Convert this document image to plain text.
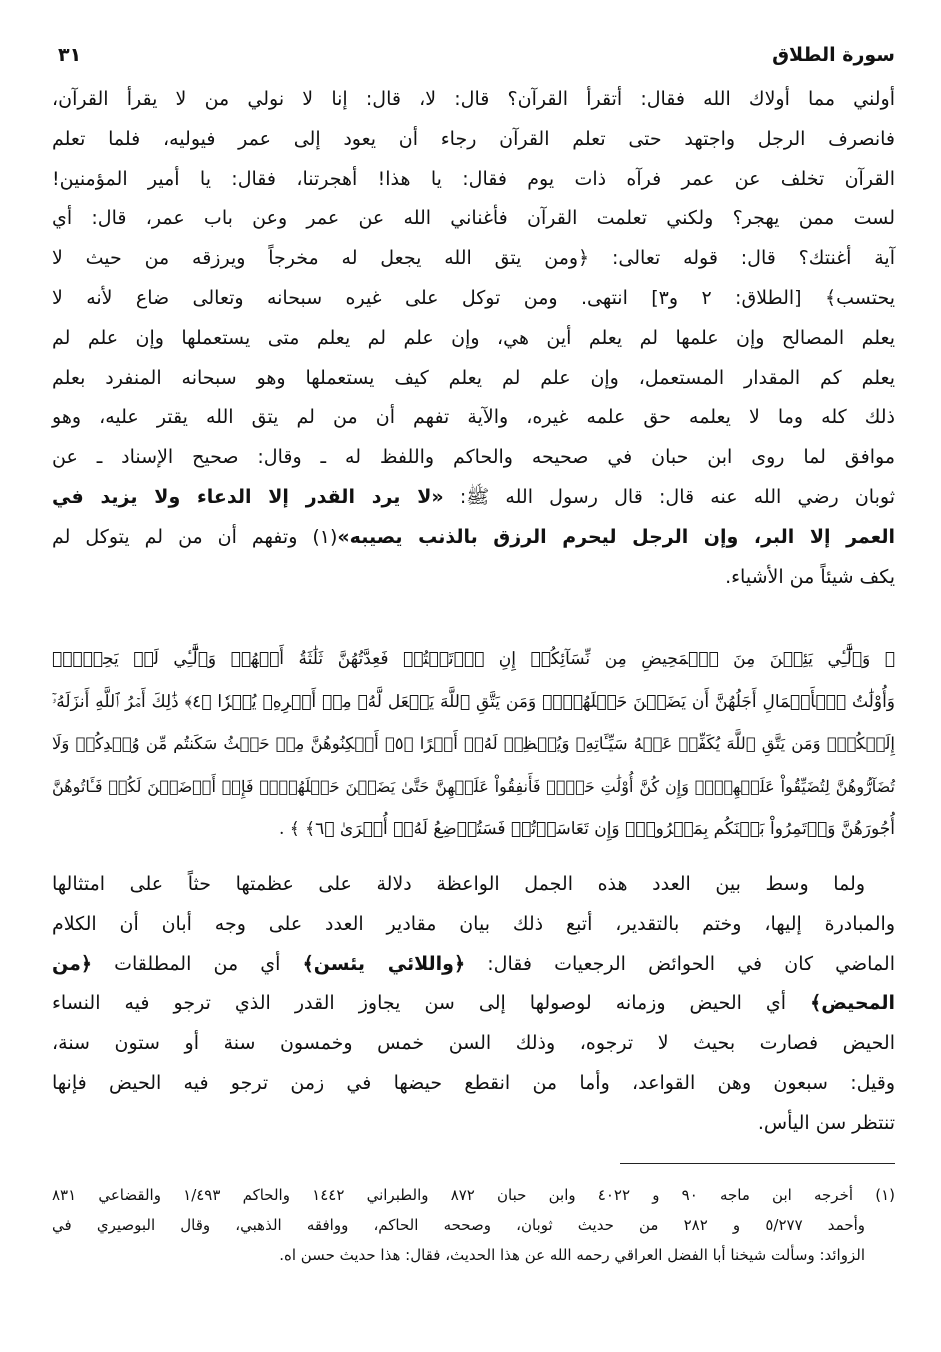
سورة الطلاق
٣١
أولني مما أولاك الله فقال: أتقرأ القرآن؟ قال: لا، قال: إنا لا نولي من لا يقرأ القرآن،
فانصرف الرجل واجتهد حتى تعلم القرآن رجاء أن يعود إلى عمر فيوليه، فلما تعلم
القرآن تخلف عن عمر فرآه ذات يوم فقال: يا هذا! أهجرتنا، فقال: يا أمير المؤمنين!
لست ممن يهجر؟ ولكني تعلمت القرآن فأغناني الله عن عمر وعن باب عمر، قال: أي
آية أغنتك؟ قال: قوله تعالى: ﴿ومن يتق الله يجعل له مخرجاً ويرزقه من حيث لا
يحتسب﴾ [الطلاق: ٢ و٣] انتهى. ومن توكل على غيره سبحانه وتعالى ضاع لأنه لا
يعلم المصالح وإن علمها لم يعلم أين هي، وإن علم لم يعلم متى يستعملها وإن علم لم
يعلم كم المقدار المستعمل، وإن علم لم يعلم كيف يستعملها وهو سبحانه المنفرد بعلم
ذلك كله وما لا يعلمه حق علمه غيره، والآية تفهم أن من لم يتق الله يقتر عليه، وهو
موافق لما روى ابن حبان في صحيحه والحاكم واللفظ له ـ وقال: صحيح الإسناد ـ عن
ثوبان رضي الله عنه قال: قال رسول الله ﷺ: «لا يرد القدر إلا الدعاء ولا يزيد في
العمر إلا البر، وإن الرجل ليحرم الرزق بالذنب يصيبه»(١) وتفهم أن من لم يتوكل لم
يكف شيئاً من الأشياء.
﴿ وَٱلَّٰٓـِٔي يَئِسۡنَ مِنَ ٱلۡمَحِيضِ مِن نِّسَآئِكُمۡ إِنِ ٱرۡتَبۡتُمۡ فَعِدَّتُهُنَّ ثَلَٰثَةُ أَشۡهُرٖ وَٱلَّٰٓـِٔي لَمۡ يَحِضۡنَۚ
وَأُوْلَٰتُ ٱلۡأَحۡمَالِ أَجَلُهُنَّ أَن يَضَعۡنَ حَمۡلَهُنَّۚ وَمَن يَتَّقِ ٱللَّهَ يَجۡعَل لَّهُۥ مِنۡ أَمۡرِهِۦ يُسۡرٗا ﴿٤﴾ ذَٰلِكَ أَمۡرُ ٱللَّهِ أَنزَلَهُۥٓ
إِلَيۡكُمۡۚ وَمَن يَتَّقِ ٱللَّهَ يُكَفِّرۡ عَنۡهُ سَيِّـَٔاتِهِۦ وَيُعۡظِمۡ لَهُۥٓ أَجۡرًا ﴿٥﴾ أَسۡكِنُوهُنَّ مِنۡ حَيۡثُ سَكَنتُم مِّن وُجۡدِكُمۡ وَلَا
تُضَآرُّوهُنَّ لِتُضَيِّقُواْ عَلَيۡهِنَّۚ وَإِن كُنَّ أُوْلَٰتِ حَمۡلٖ فَأَنفِقُواْ عَلَيۡهِنَّ حَتَّىٰ يَضَعۡنَ حَمۡلَهُنَّۚ فَإِنۡ أَرۡضَعۡنَ لَكُمۡ فَـَٔاتُوهُنَّ
أُجُورَهُنَّ وَأۡتَمِرُواْ بَيۡنَكُم بِمَعۡرُوفٖۖ وَإِن تَعَاسَرۡتُمۡ فَسَتُرۡضِعُ لَهُۥٓ أُخۡرَىٰ ﴿٦﴾ ﴾ .
ولما وسط بين العدد هذه الجمل الواعظة دلالة على عظمتها حثاً على امتثالها
والمبادرة إليها، وختم بالتقدير، أتبع ذلك بيان مقادير العدد على وجه أبان أن الكلام
الماضي كان في الحوائض الرجعيات فقال: ﴿واللائي يئسن﴾ أي من المطلقات ﴿من
المحيض﴾ أي الحيض وزمانه لوصولها إلى سن يجاوز القدر الذي ترجو فيه النساء
الحيض فصارت بحيث لا ترجوه، وذلك السن خمس وخمسون سنة أو ستون سنة،
وقيل: سبعون وهن القواعد، وأما من انقطع حيضها في زمن ترجو فيه الحيض فإنها
تنتظر سن اليأس.
(١) أخرجه ابن ماجه ٩٠ و ٤٠٢٢ وابن حبان ٨٧٢ والطبراني ١٤٤٢ والحاكم ١/٤٩٣ والقضاعي ٨٣١
وأحمد ٥/٢٧٧ و ٢٨٢ من حديث ثوبان، وصححه الحاكم، ووافقه الذهبي، وقال البوصيري في
الزوائد: وسألت شيخنا أبا الفضل العراقي رحمه الله عن هذا الحديث، فقال: هذا حديث حسن اه.
